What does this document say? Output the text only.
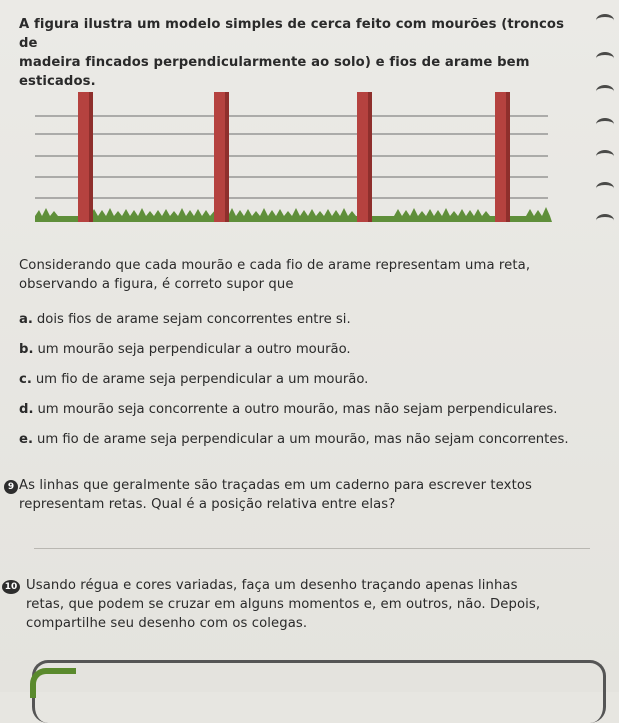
A figura ilustra um modelo simples de cerca feito com mourões (troncos de
madeira fincados perpendicularmente ao solo) e fios de arame bem esticados.
Considerando que cada mourão e cada fio de arame representam uma reta,
observando a figura, é correto supor que
a. dois fios de arame sejam concorrentes entre si.
b. um mourão seja perpendicular a outro mourão.
c. um fio de arame seja perpendicular a um mourão.
d. um mourão seja concorrente a outro mourão, mas não sejam perpendiculares.
e. um fio de arame seja perpendicular a um mourão, mas não sejam concorrentes.
9 As linhas que geralmente são traçadas em um caderno para escrever textos
representam retas. Qual é a posição relativa entre elas?
10 Usando régua e cores variadas, faça um desenho traçando apenas linhas
retas, que podem se cruzar em alguns momentos e, em outros, não. Depois,
compartilhe seu desenho com os colegas.
